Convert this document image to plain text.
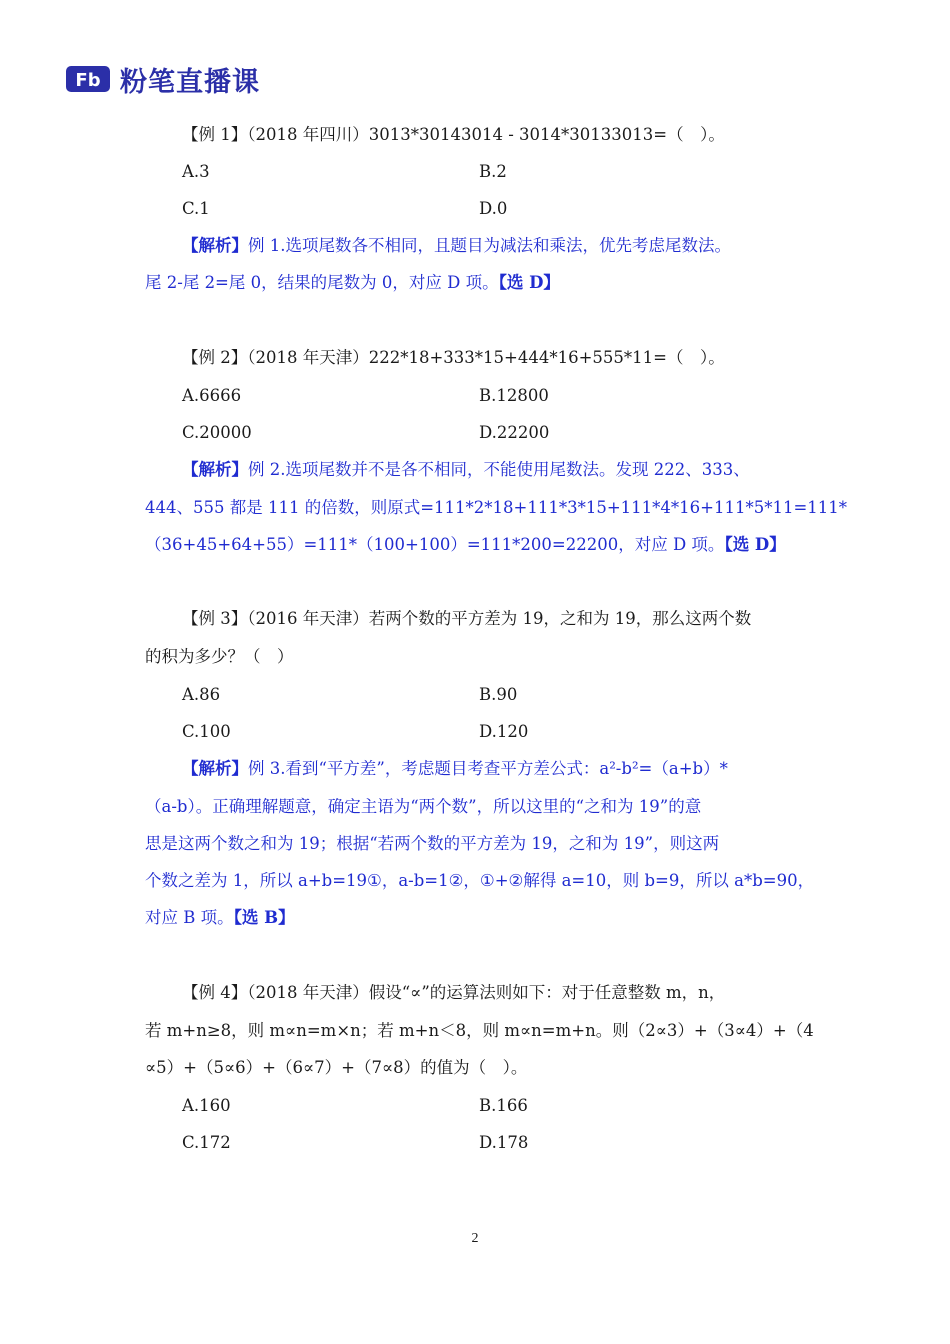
Fb 粉笔直播课
【例 1】（2018 年四川）3013*30143014 - 3014*30133013=（　）。
A.3	B.2
C.1	D.0
【解析】例 1.选项尾数各不相同，且题目为减法和乘法，优先考虑尾数法。
尾 2-尾 2=尾 0，结果的尾数为 0，对应 D 项。【选 D】
【例 2】（2018 年天津）222*18+333*15+444*16+555*11=（　）。
A.6666	B.12800
C.20000	D.22200
【解析】例 2.选项尾数并不是各不相同，不能使用尾数法。发现 222、333、
444、555 都是 111 的倍数，则原式=111*2*18+111*3*15+111*4*16+111*5*11=111*
（36+45+64+55）=111*（100+100）=111*200=22200，对应 D 项。【选 D】
【例 3】（2016 年天津）若两个数的平方差为 19，之和为 19，那么这两个数
的积为多少？（　）
A.86	B.90
C.100	D.120
【解析】例 3.看到“平方差”，考虑题目考查平方差公式：a²-b²=（a+b）*
（a-b）。正确理解题意，确定主语为“两个数”，所以这里的“之和为 19”的意
思是这两个数之和为 19；根据“若两个数的平方差为 19，之和为 19”，则这两
个数之差为 1，所以 a+b=19①，a-b=1②，①+②解得 a=10，则 b=9，所以 a*b=90，
对应 B 项。【选 B】
【例 4】（2018 年天津）假设“∝”的运算法则如下：对于任意整数 m，n，
若 m+n≥8，则 m∝n=m×n；若 m+n＜8，则 m∝n=m+n。则（2∝3）+（3∝4）+（4
∝5）+（5∝6）+（6∝7）+（7∝8）的值为（　）。
A.160	B.166
C.172	D.178
2
